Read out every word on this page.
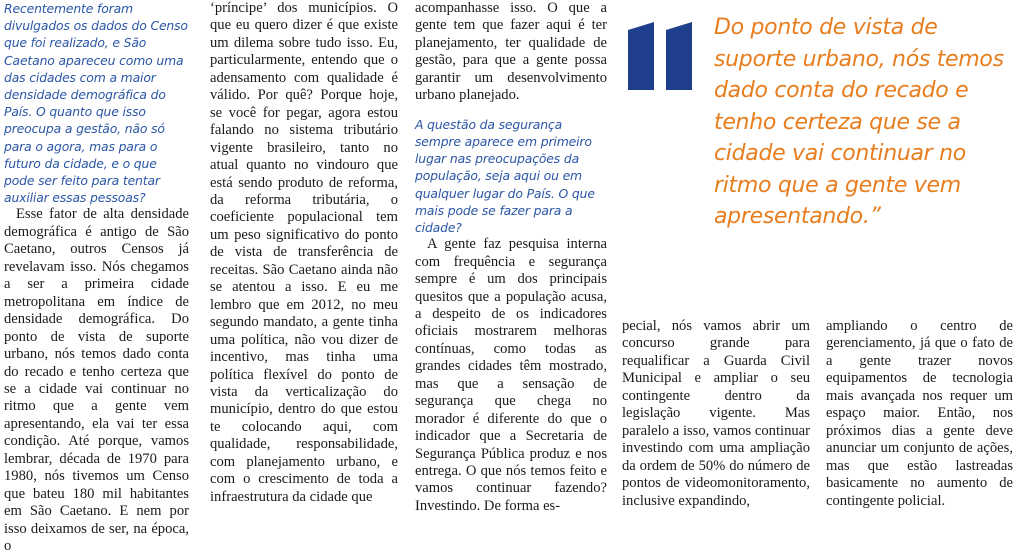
Recentemente foram divulgados os dados do Censo que foi realizado, e São Caetano apareceu como uma das cidades com a maior densidade demográfica do País. O quanto que isso preocupa a gestão, não só para o agora, mas para o futuro da cidade, e o que pode ser feito para tentar auxiliar essas pessoas?

Esse fator de alta densidade demográfica é antigo de São Caetano, outros Censos já revelavam isso. Nós chegamos a ser a primeira cidade metropolitana em índice de densidade demográfica. Do ponto de vista de suporte urbano, nós temos dado conta do recado e tenho certeza que se a cidade vai continuar no ritmo que a gente vem apresentando, ela vai ter essa condição. Até porque, vamos lembrar, década de 1970 para 1980, nós tivemos um Censo que bateu 180 mil habitantes em São Caetano. E nem por isso deixamos de ser, na época, o

‘príncipe’ dos municípios. O que eu quero dizer é que existe um dilema sobre tudo isso. Eu, particularmente, entendo que o adensamento com qualidade é válido. Por quê? Porque hoje, se você for pegar, agora estou falando no sistema tributário vigente brasileiro, tanto no atual quanto no vindouro que está sendo produto de reforma, da reforma tributária, o coeficiente populacional tem um peso significativo do ponto de vista de transferência de receitas. São Caetano ainda não se atentou a isso. E eu me lembro que em 2012, no meu segundo mandato, a gente tinha uma política, não vou dizer de incentivo, mas tinha uma política flexível do ponto de vista da verticalização do município, dentro do que estou te colocando aqui, com qualidade, responsabilidade, com planejamento urbano, e com o crescimento de toda a infraestrutura da cidade que

acompanhasse isso. O que a gente tem que fazer aqui é ter planejamento, ter qualidade de gestão, para que a gente possa garantir um desenvolvimento urbano planejado.

A questão da segurança sempre aparece em primeiro lugar nas preocupações da população, seja aqui ou em qualquer lugar do País. O que mais pode se fazer para a cidade?

A gente faz pesquisa interna com frequência e segurança sempre é um dos principais quesitos que a população acusa, a despeito de os indicadores oficiais mostrarem melhoras contínuas, como todas as grandes cidades têm mostrado, mas que a sensação de segurança que chega no morador é diferente do que o indicador que a Secretaria de Segurança Pública produz e nos entrega. O que nós temos feito e vamos continuar fazendo? Investindo. De forma es-

Do ponto de vista de suporte urbano, nós temos dado conta do recado e tenho certeza que se a cidade vai continuar no ritmo que a gente vem apresentando.”

pecial, nós vamos abrir um concurso grande para requalificar a Guarda Civil Municipal e ampliar o seu contingente dentro da legislação vigente. Mas paralelo a isso, vamos continuar investindo com uma ampliação da ordem de 50% do número de pontos de videomonitoramento, inclusive expandindo,

ampliando o centro de gerenciamento, já que o fato de a gente trazer novos equipamentos de tecnologia mais avançada nos requer um espaço maior. Então, nos próximos dias a gente deve anunciar um conjunto de ações, mas que estão lastreadas basicamente no aumento de contingente policial.
